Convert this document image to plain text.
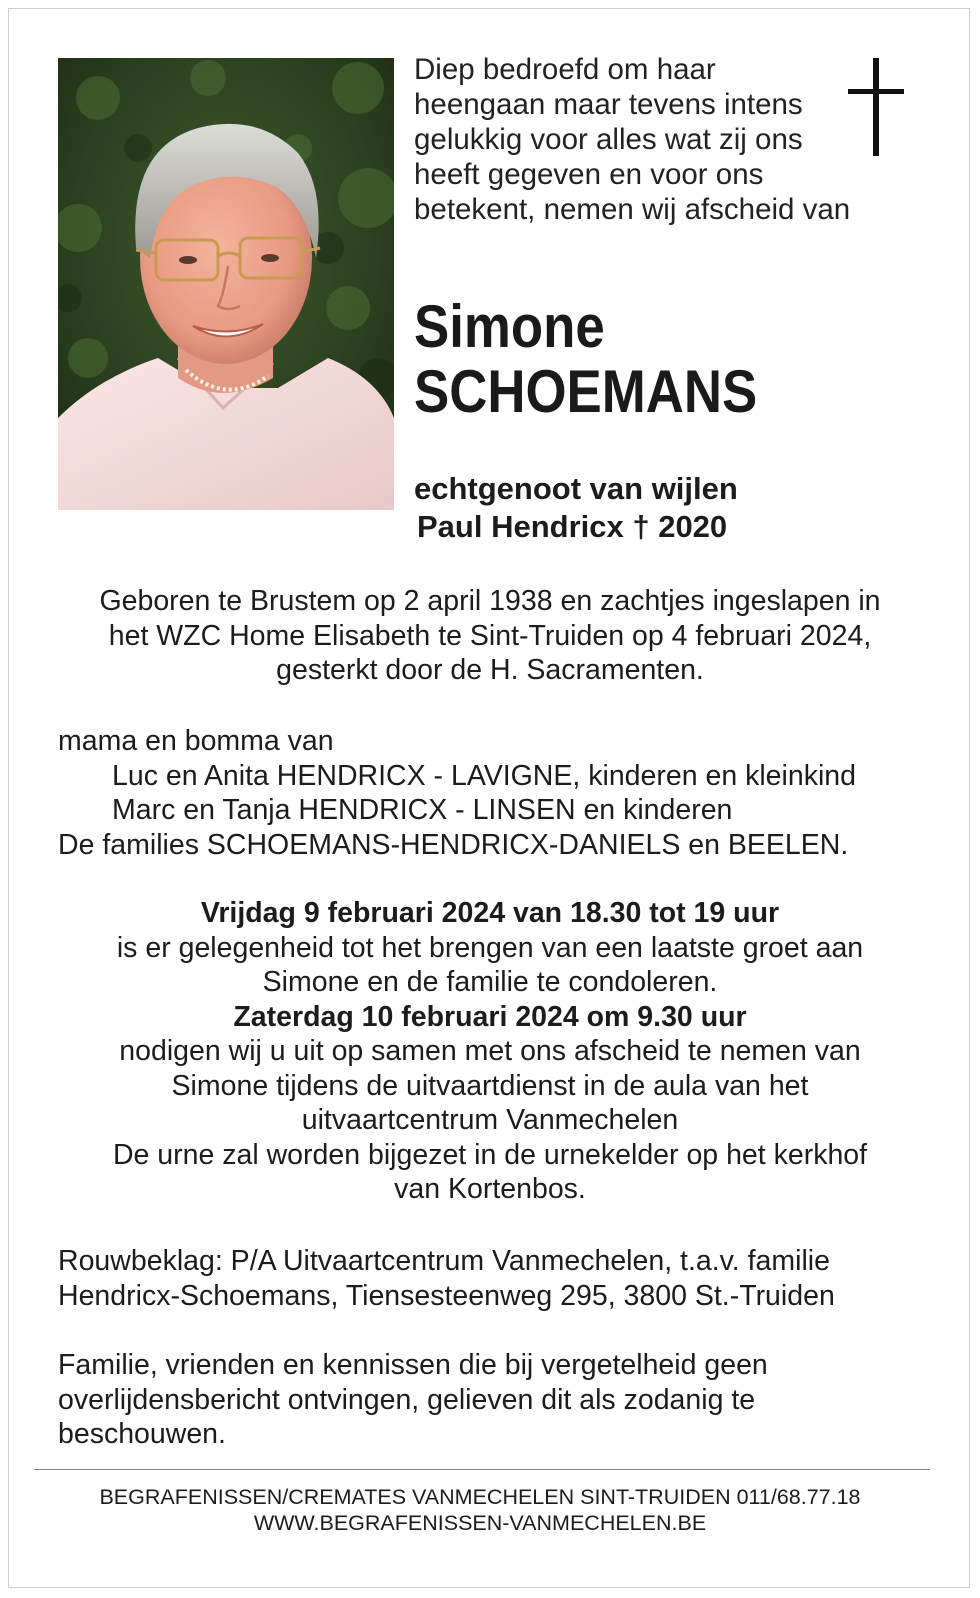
Diep bedroefd om haar
heengaan maar tevens intens
gelukkig voor alles wat zij ons
heeft gegeven en voor ons
betekent, nemen wij afscheid van
Simone
SCHOEMANS
echtgenoot van wijlen
Paul Hendricx † 2020
Geboren te Brustem op 2 april 1938 en zachtjes ingeslapen in
het WZC Home Elisabeth te Sint-Truiden op 4 februari 2024,
gesterkt door de H. Sacramenten.
mama en bomma van
Luc en Anita HENDRICX - LAVIGNE, kinderen en kleinkind
Marc en Tanja HENDRICX - LINSEN en kinderen
De families SCHOEMANS-HENDRICX-DANIELS en BEELEN.
Vrijdag 9 februari 2024 van 18.30 tot 19 uur
is er gelegenheid tot het brengen van een laatste groet aan
Simone en de familie te condoleren.
Zaterdag 10 februari 2024 om 9.30 uur
nodigen wij u uit op samen met ons afscheid te nemen van
Simone tijdens de uitvaartdienst in de aula van het
uitvaartcentrum Vanmechelen
De urne zal worden bijgezet in de urnekelder op het kerkhof
van Kortenbos.
Rouwbeklag: P/A Uitvaartcentrum Vanmechelen, t.a.v. familie
Hendricx-Schoemans, Tiensesteenweg 295, 3800 St.-Truiden
Familie, vrienden en kennissen die bij vergetelheid geen
overlijdensbericht ontvingen, gelieven dit als zodanig te
beschouwen.
BEGRAFENISSEN/CREMATES VANMECHELEN SINT-TRUIDEN 011/68.77.18
WWW.BEGRAFENISSEN-VANMECHELEN.BE
